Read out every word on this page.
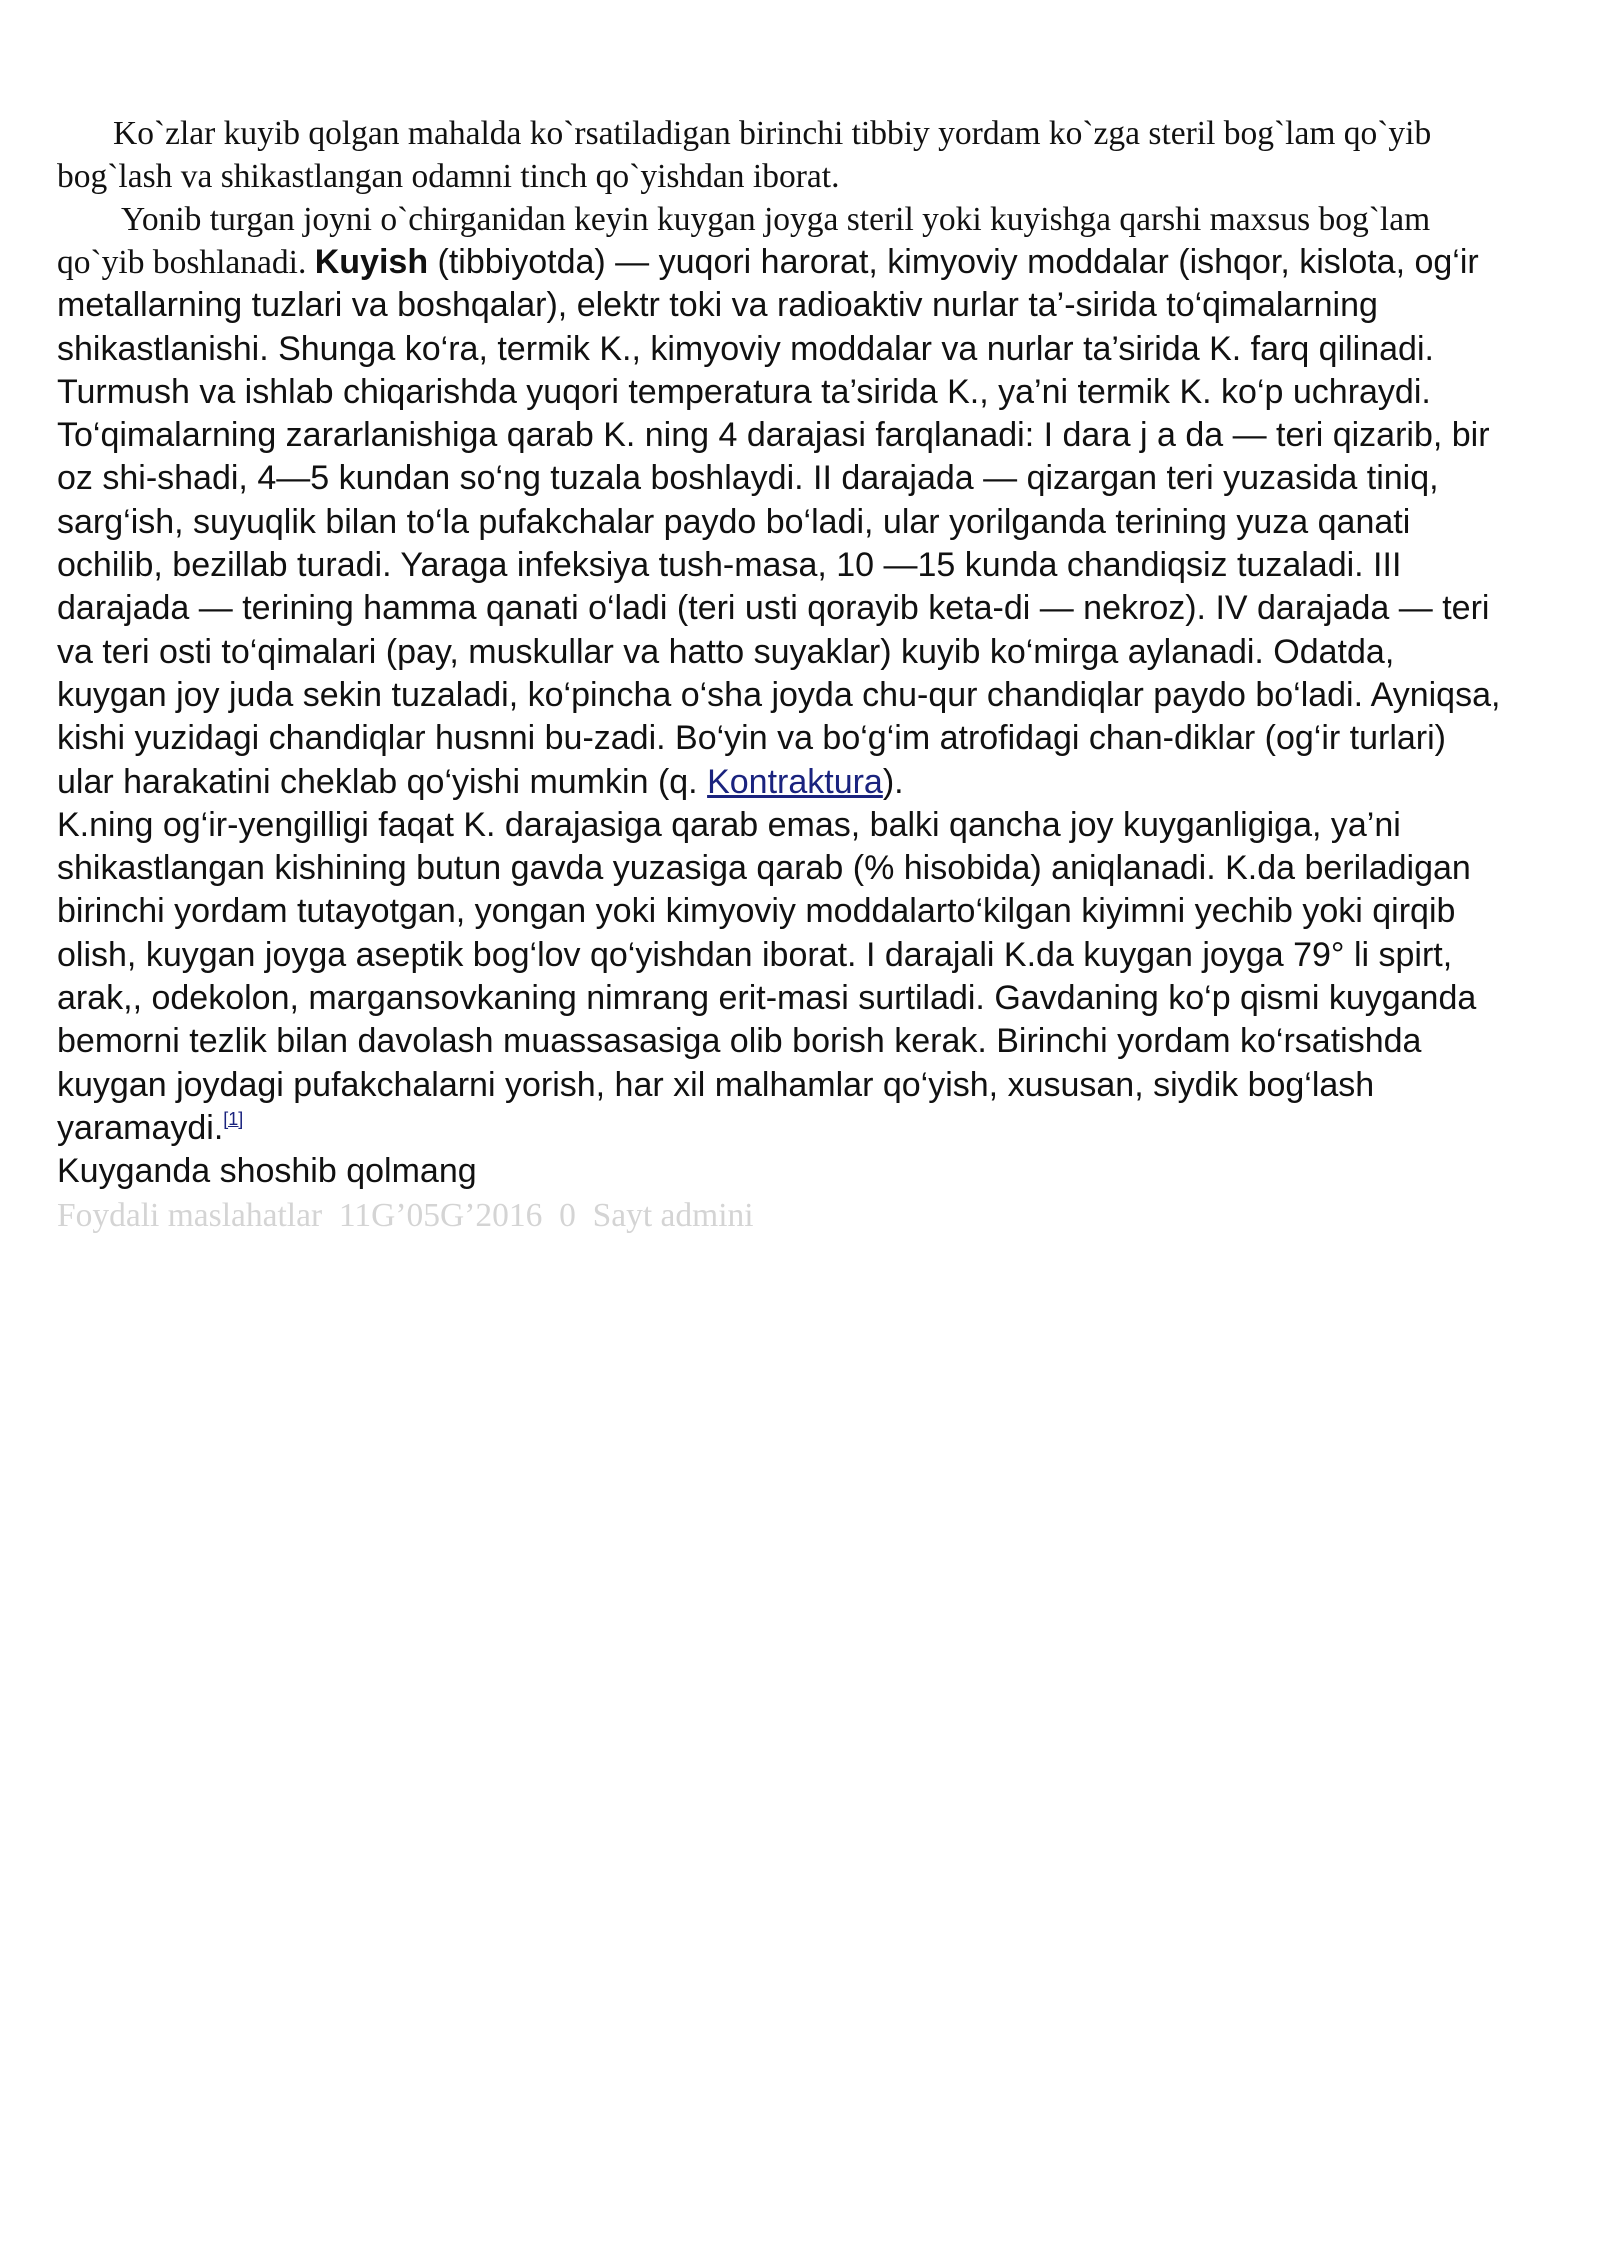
Ko`zlar kuyib qolgan mahalda ko`rsatiladigan birinchi tibbiy yordam ko`zga steril bog`lam qo`yib bog`lash va shikastlangan odamni tinch qo`yishdan iborat.

Yonib turgan joyni o`chirganidan keyin kuygan joyga steril yoki kuyishga qarshi maxsus bog`lam qo`yib boshlanadi. Kuyish (tibbiyotda) — yuqori harorat, kimyoviy moddalar (ishqor, kislota, og‘ir metallarning tuzlari va boshqalar), elektr toki va radioaktiv nurlar ta’-sirida to‘qimalarning shikastlanishi. Shunga ko‘ra, termik K., kimyoviy moddalar va nurlar ta’sirida K. farq qilinadi. Turmush va ishlab chiqarishda yuqori temperatura ta’sirida K., ya’ni termik K. ko‘p uchraydi.

To‘qimalarning zararlanishiga qarab K. ning 4 darajasi farqlanadi: I dara j a da — teri qizarib, bir oz shi-shadi, 4—5 kundan so‘ng tuzala boshlaydi. II darajada — qizargan teri yuzasida tiniq, sarg‘ish, suyuqlik bilan to‘la pufakchalar paydo bo‘ladi, ular yorilganda terining yuza qanati ochilib, bezillab turadi. Yaraga infeksiya tush-masa, 10 —15 kunda chandiqsiz tuzaladi. III darajada — terining hamma qanati o‘ladi (teri usti qorayib keta-di — nekroz). IV darajada — teri va teri osti to‘qimalari (pay, muskullar va hatto suyaklar) kuyib ko‘mirga aylanadi. Odatda, kuygan joy juda sekin tuzaladi, ko‘pincha o‘sha joyda chu-qur chandiqlar paydo bo‘ladi. Ayniqsa, kishi yuzidagi chandiqlar husnni bu-zadi. Bo‘yin va bo‘g‘im atrofidagi chan-diklar (og‘ir turlari) ular harakatini cheklab qo‘yishi mumkin (q. Kontraktura).

K.ning og‘ir-yengilligi faqat K. darajasiga qarab emas, balki qancha joy kuyganligiga, ya’ni shikastlangan kishining butun gavda yuzasiga qarab (% hisobida) aniqlanadi. K.da beriladigan birinchi yordam tutayotgan, yongan yoki kimyoviy moddalarto‘kilgan kiyimni yechib yoki qirqib olish, kuygan joyga aseptik bog‘lov qo‘yishdan iborat. I darajali K.da kuygan joyga 79° li spirt, arak,, odekolon, margansovkaning nimrang erit-masi surtiladi. Gavdaning ko‘p qismi kuyganda bemorni tezlik bilan davolash muassasasiga olib borish kerak. Birinchi yordam ko‘rsatishda kuygan joydagi pufakchalarni yorish, har xil malhamlar qo‘yish, xususan, siydik bog‘lash yaramaydi.[1]

Kuyganda shoshib qolmang

Foydali maslahatlar 11G’05G’2016 0 Sayt admini
